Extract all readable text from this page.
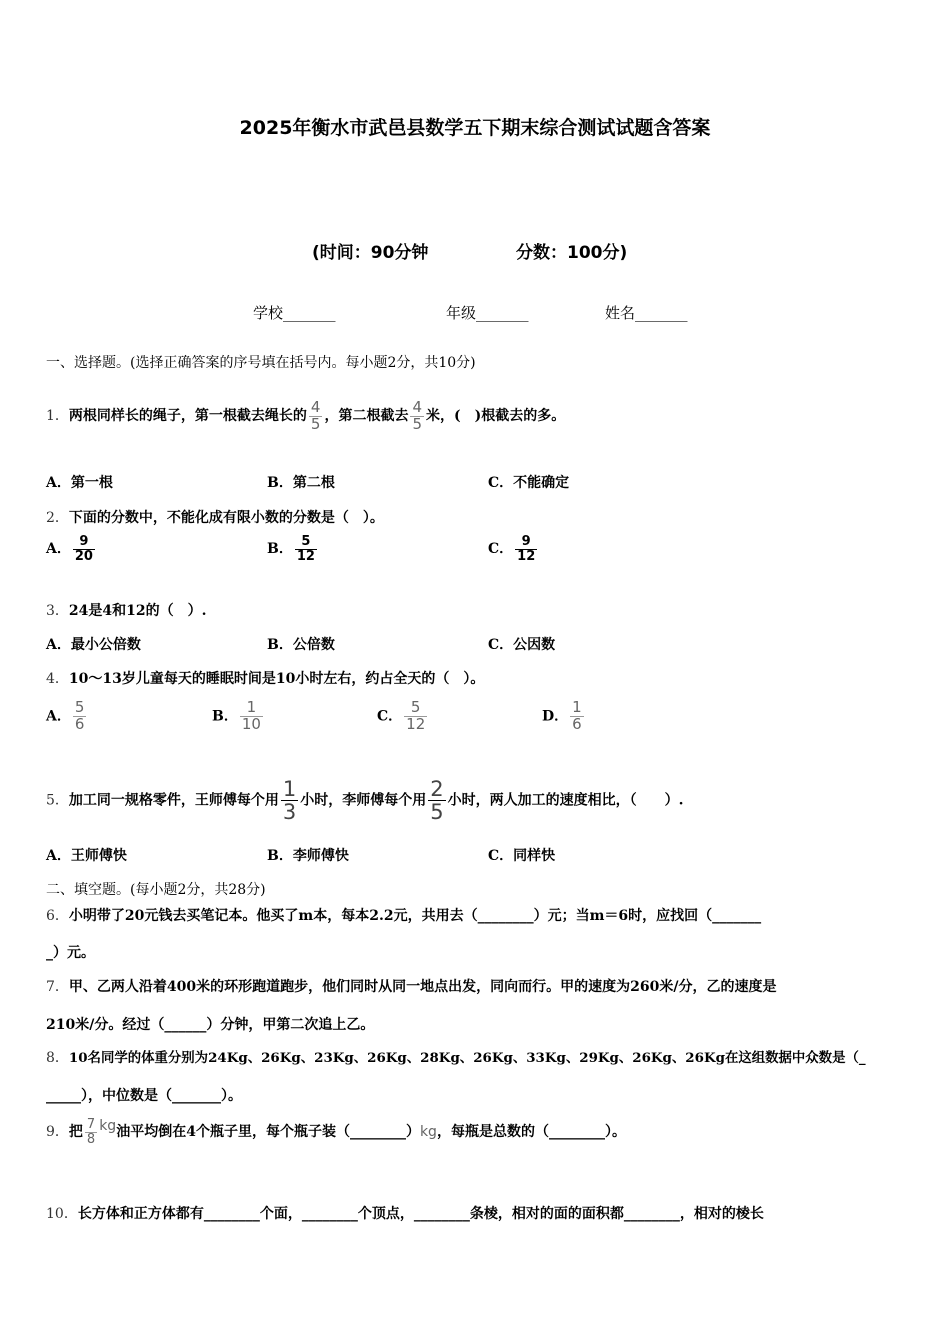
2025年衡水市武邑县数学五下期末综合测试试题含答案
(时间：90分钟	分数：100分)
学校_______	年级_______	姓名_______
一、选择题。(选择正确答案的序号填在括号内。每小题2分，共10分)
1．两根同样长的绳子，第一根截去绳长的 $\frac{4}{5}$ ，第二根截去 $\frac{4}{5}$ 米，(　)根截去的多。
A．第一根	B．第二根	C．不能确定
2．下面的分数中，不能化成有限小数的分数是（　）。
A． $\frac{9}{20}$	B． $\frac{5}{12}$	C． $\frac{9}{12}$
3．24是4和12的（　）.
A．最小公倍数	B．公倍数	C．公因数
4．10～13岁儿童每天的睡眠时间是10小时左右，约占全天的（　）。
A． $\frac{5}{6}$	B． $\frac{1}{10}$	C． $\frac{5}{12}$	D． $\frac{1}{6}$
5．加工同一规格零件，王师傅每个用 $\frac{1}{3}$ 小时，李师傅每个用 $\frac{2}{5}$ 小时，两人加工的速度相比，（　　）.
A．王师傅快	B．李师傅快	C．同样快
二、填空题。(每小题2分，共28分)
6．小明带了20元钱去买笔记本。他买了m本，每本2.2元，共用去（________）元；当m＝6时，应找回（_______
_）元。
7．甲、乙两人沿着400米的环形跑道跑步，他们同时从同一地点出发，同向而行。甲的速度为260米/分，乙的速度是
210米/分。经过（______）分钟，甲第二次追上乙。
8．10名同学的体重分别为24Kg、26Kg、23Kg、26Kg、28Kg、26Kg、33Kg、29Kg、26Kg、26Kg在这组数据中众数是（_
_____），中位数是（_______）。
9．把 $\frac{7}{8}$ kg油平均倒在4个瓶子里，每个瓶子装（________）kg，每瓶是总数的（________）。
10．长方体和正方体都有________个面，________个顶点，________条棱，相对的面的面积都________，相对的棱长
